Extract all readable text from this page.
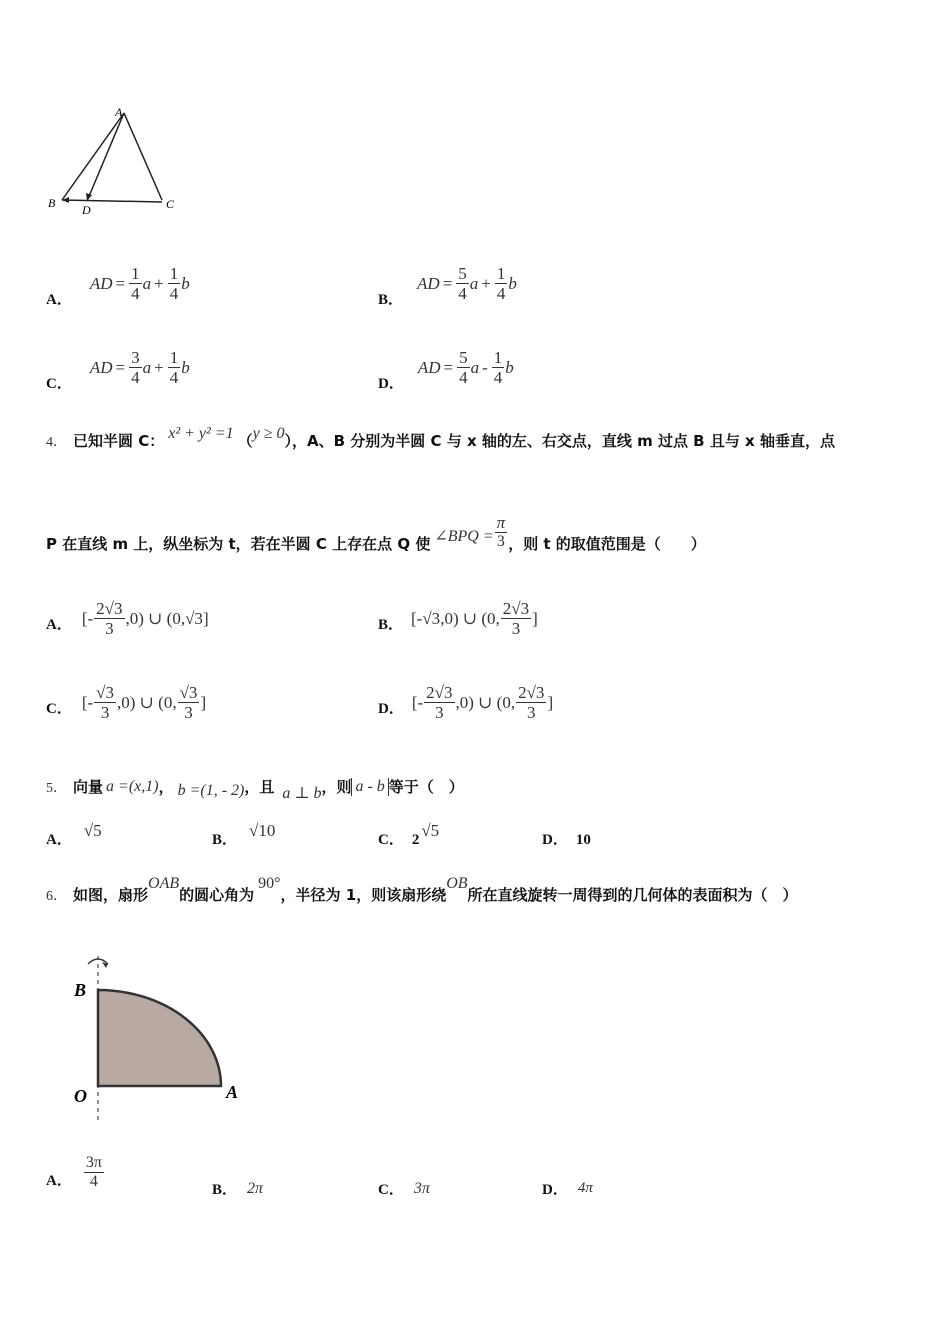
A
B D	C
A．
AD = $\frac{1}{4}$ $a + \frac{1}{4}$ b
B．
AD = $\frac{5}{4}$ $a + \frac{1}{4}$ b
C．
AD = $\frac{3}{4}$ $a + \frac{1}{4}$ b
D．
AD = $\frac{5}{4}$ a - $\frac{1}{4}$ b
4． 已知半圆 C： x² + y² =1 （ y ≥ 0 ），A、B 分别为半圆 C 与 x 轴的左、右交点，直线 m 过点 B 且与 x 轴垂直，点
P 在直线 m 上，纵坐标为 t，若在半圆 C 上存在点 Q 使 ∠BPQ = $\frac{\pi}{3}$ ，则 t 的取值范围是（　　）
A． [- $\frac{2√3}{3} ,0$) ∪ (0, √3 ]	B． [- √3 ,0) ∪ (0, $\frac{2√3}{3}$ ]
C． [- $\frac{√3}{3} ,0$) ∪ (0, $\frac{√3}{3}$ ]	D． [- $\frac{2√3}{3} ,0$) ∪ (0, $\frac{2√3}{3}$ ]
5． 向量 a =(x,1) ， b =(1, - 2) ，且 a ⊥ b ，则 a - b 等于（　）
A． √5	B． √10	C． 2 √5	D． 10
6． 如图，扇形
OAB
的圆心角为
90°
，半径为 1，则该扇形绕
OB
所在直线旋转一周得到的几何体的表面积为（　）
B
O	A
A． $\frac{3\pi}{4}$	B． 2π	C． 3π	D． 4π
